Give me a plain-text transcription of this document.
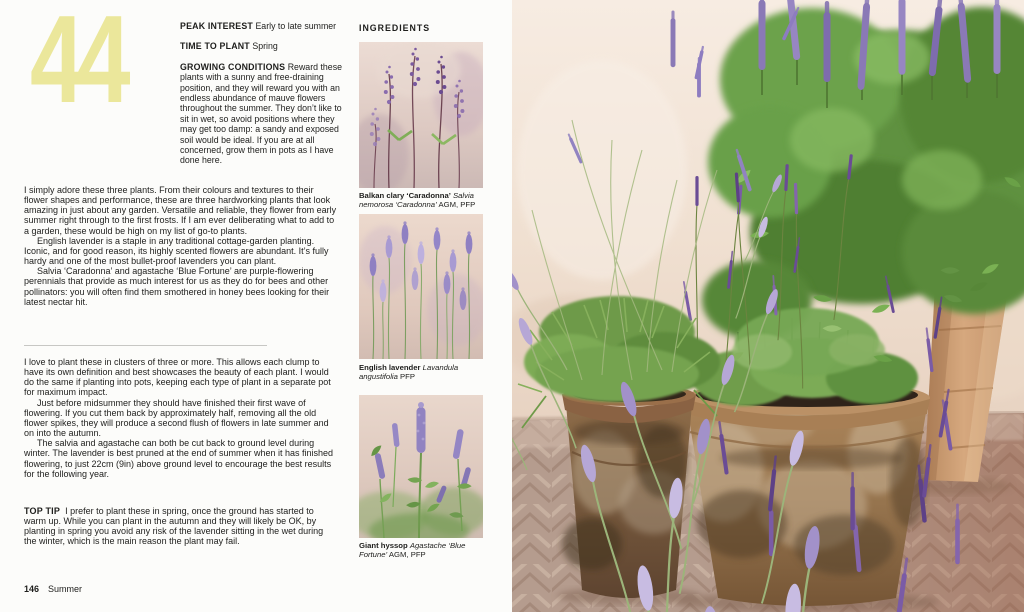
44	PEAK INTEREST Early to late summer

TIME TO PLANT Spring

GROWING CONDITIONS Reward these plants with a sunny and free-draining position, and they will reward you with an endless abundance of mauve flowers throughout the summer. They don’t like to sit in wet, so avoid positions where they may get too damp: a sandy and exposed soil would be ideal. If you are at all concerned, grow them in pots as I have done here.

I simply adore these three plants. From their colours and textures to their flower shapes and performance, these are three hardworking plants that look amazing in just about any garden. Versatile and reliable, they flower from early summer right through to the first frosts. If I am ever deliberating what to add to a garden, these would be high on my list of go-to plants.

English lavender is a staple in any traditional cottage-garden planting. Iconic, and for good reason, its highly scented flowers are abundant. It’s fully hardy and one of the most bullet-proof lavenders you can plant.

Salvia ‘Caradonna’ and agastache ‘Blue Fortune’ are purple-flowering perennials that provide as much interest for us as they do for bees and other pollinators: you will often find them smothered in honey bees looking for their latest nectar hit.

I love to plant these in clusters of three or more. This allows each clump to have its own definition and best showcases the beauty of each plant. I would do the same if planting into pots, keeping each type of plant in a separate pot for maximum impact.

Just before midsummer they should have finished their first wave of flowering. If you cut them back by approximately half, removing all the old flower spikes, they will produce a second flush of flowers in late summer and on into the autumn.

The salvia and agastache can both be cut back to ground level during winter. The lavender is best pruned at the end of summer when it has finished flowering, to just 22cm (9in) above ground level to encourage the best results for the following year.

TOP TIP I prefer to plant these in spring, once the ground has started to warm up. While you can plant in the autumn and they will likely be OK, by planting in spring you avoid any risk of the lavender sitting in the wet during the winter, which is the main reason the plant may fail.

146 Summer
INGREDIENTS
Balkan clary ‘Caradonna’ Salvia nemorosa ‘Caradonna’ AGM, PFP
English lavender Lavandula angustifolia PFP
Giant hyssop Agastache ‘Blue Fortune’ AGM, PFP
